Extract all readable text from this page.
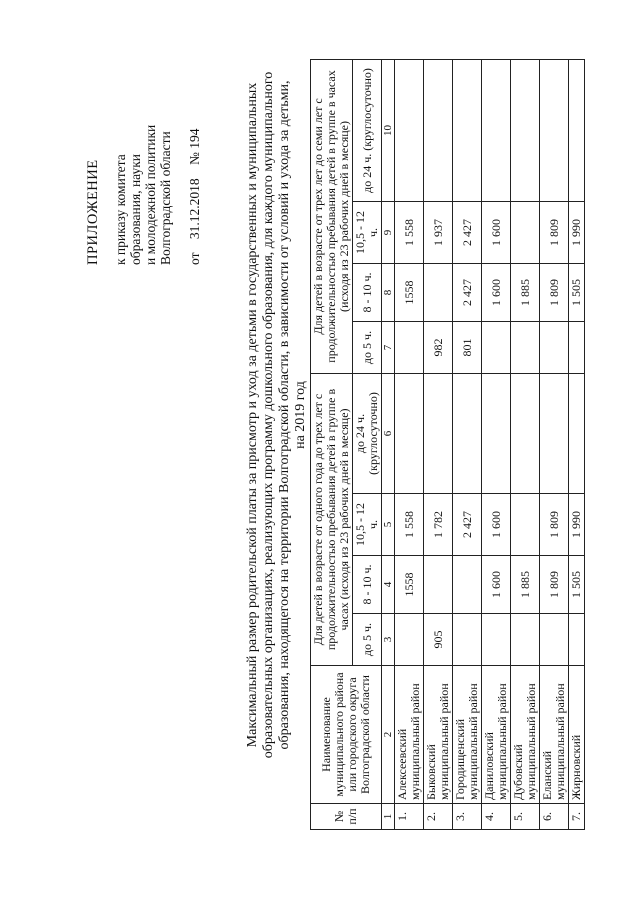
ПРИЛОЖЕНИЕ к приказу комитета образования, науки и молодежной политики Волгоградской области от 31.12.2018 № 194	Максимальный размер родительской платы за присмотр и уход за детьми в государственных и муниципальных образовательных организациях, реализующих программу дошкольного образования, для каждого муниципального образования, находящегося на территории Волгоградской области, в зависимости от условий и ухода за детьми, на 2019 год
№ п/п	Наименование муниципального района или городского округа Волгоградской области	Для детей в возрасте от одного года до трех лет с продолжительностью пребывания детей в группе в часах (исходя из 23 рабочих дней в месяце)				Для детей в возрасте от трех лет до семи лет с продолжительностью пребывания детей в группе в часах (исходя из 23 рабочих дней в месяце)			
		до 5 ч.	8 - 10 ч.	10,5 - 12 ч.	до 24 ч. (круглосуточно)	до 5 ч.	8 - 10 ч.	10,5 - 12 ч.	до 24 ч. (круглосуточно)
1	2	3	4	5	6	7	8	9	10
1.	Алексеевский муниципальный район		1558	1 558			1558	1 558	
2.	Быковский муниципальный район	905		1 782		982		1 937	
3.	Городищенский муниципальный район			2 427		801	2 427	2 427	
4.	Даниловский муниципальный район		1 600	1 600			1 600	1 600	
5.	Дубовский муниципальный район		1 885				1 885		
6.	Еланский муниципальный район		1 809	1 809			1 809	1 809	
7.	Жирновский		1 505	1 990			1 505	1 990	
